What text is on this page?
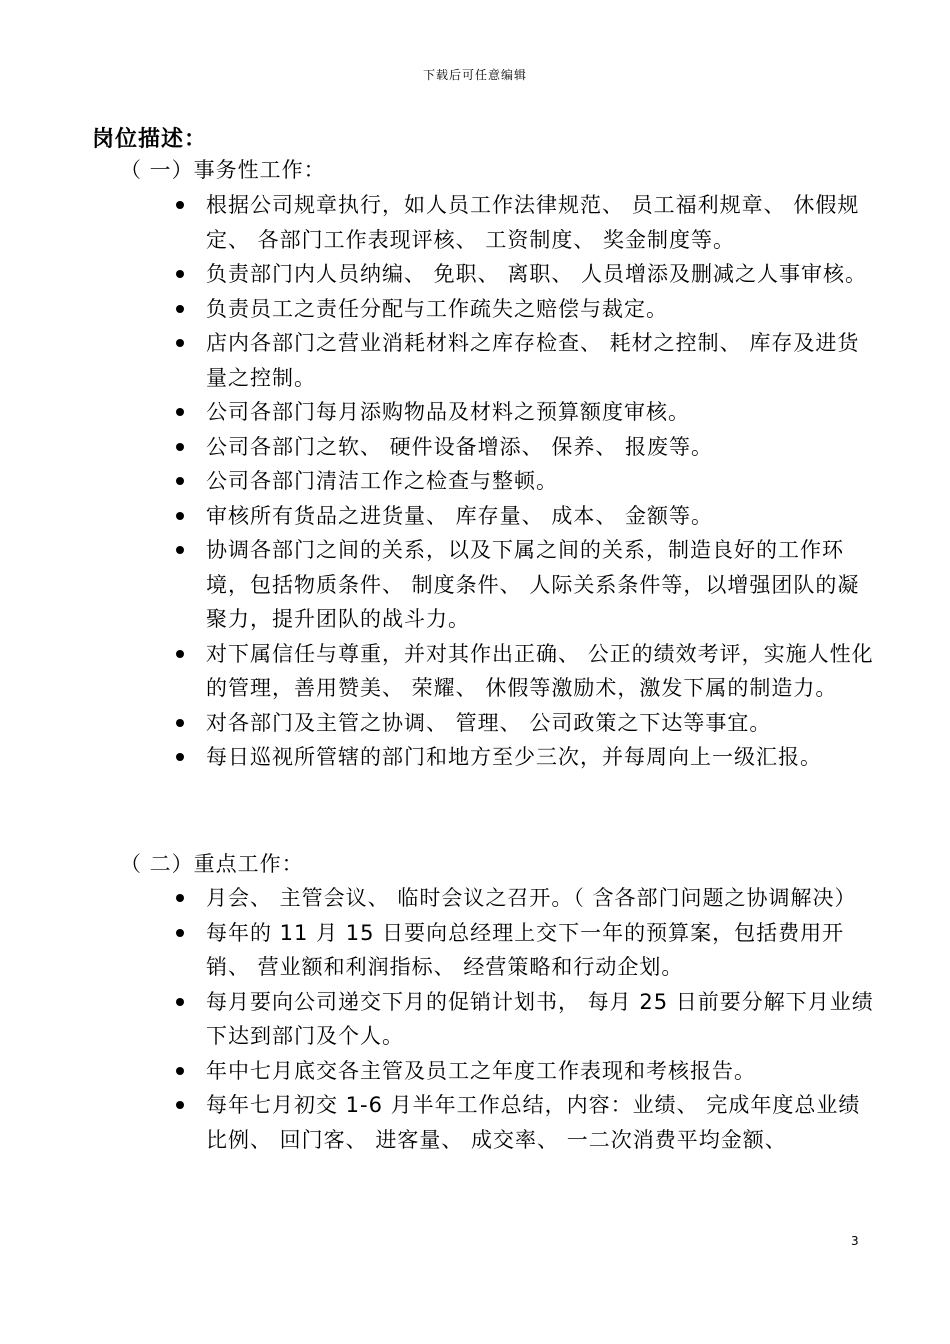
下载后可任意编辑
岗位描述：
（ 一）事务性工作：
根据公司规章执行，如人员工作法律规范、 员工福利规章、 休假规定、 各部门工作表现评核、 工资制度、 奖金制度等。
负责部门内人员纳编、 免职、 离职、 人员增添及删减之人事审核。
负责员工之责任分配与工作疏失之赔偿与裁定。
店内各部门之营业消耗材料之库存检查、 耗材之控制、 库存及进货量之控制。
公司各部门每月添购物品及材料之预算额度审核。
公司各部门之软、 硬件设备增添、 保养、 报废等。
公司各部门清洁工作之检查与整顿。
审核所有货品之进货量、 库存量、 成本、 金额等。
协调各部门之间的关系，以及下属之间的关系，制造良好的工作环境，包括物质条件、 制度条件、 人际关系条件等，以增强团队的凝聚力，提升团队的战斗力。
对下属信任与尊重，并对其作出正确、 公正的绩效考评，实施人性化的管理，善用赞美、 荣耀、 休假等激励术，激发下属的制造力。
对各部门及主管之协调、 管理、 公司政策之下达等事宜。
每日巡视所管辖的部门和地方至少三次，并每周向上一级汇报。
（ 二）重点工作：
月会、 主管会议、 临时会议之召开。（ 含各部门问题之协调解决）
每年的 11 月 15 日要向总经理上交下一年的预算案，包括费用开销、 营业额和利润指标、 经营策略和行动企划。
每月要向公司递交下月的促销计划书， 每月 25 日前要分解下月业绩下达到部门及个人。
年中七月底交各主管及员工之年度工作表现和考核报告。
每年七月初交 1-6 月半年工作总结，内容：业绩、 完成年度总业绩比例、 回门客、 进客量、 成交率、 一二次消费平均金额、
3
